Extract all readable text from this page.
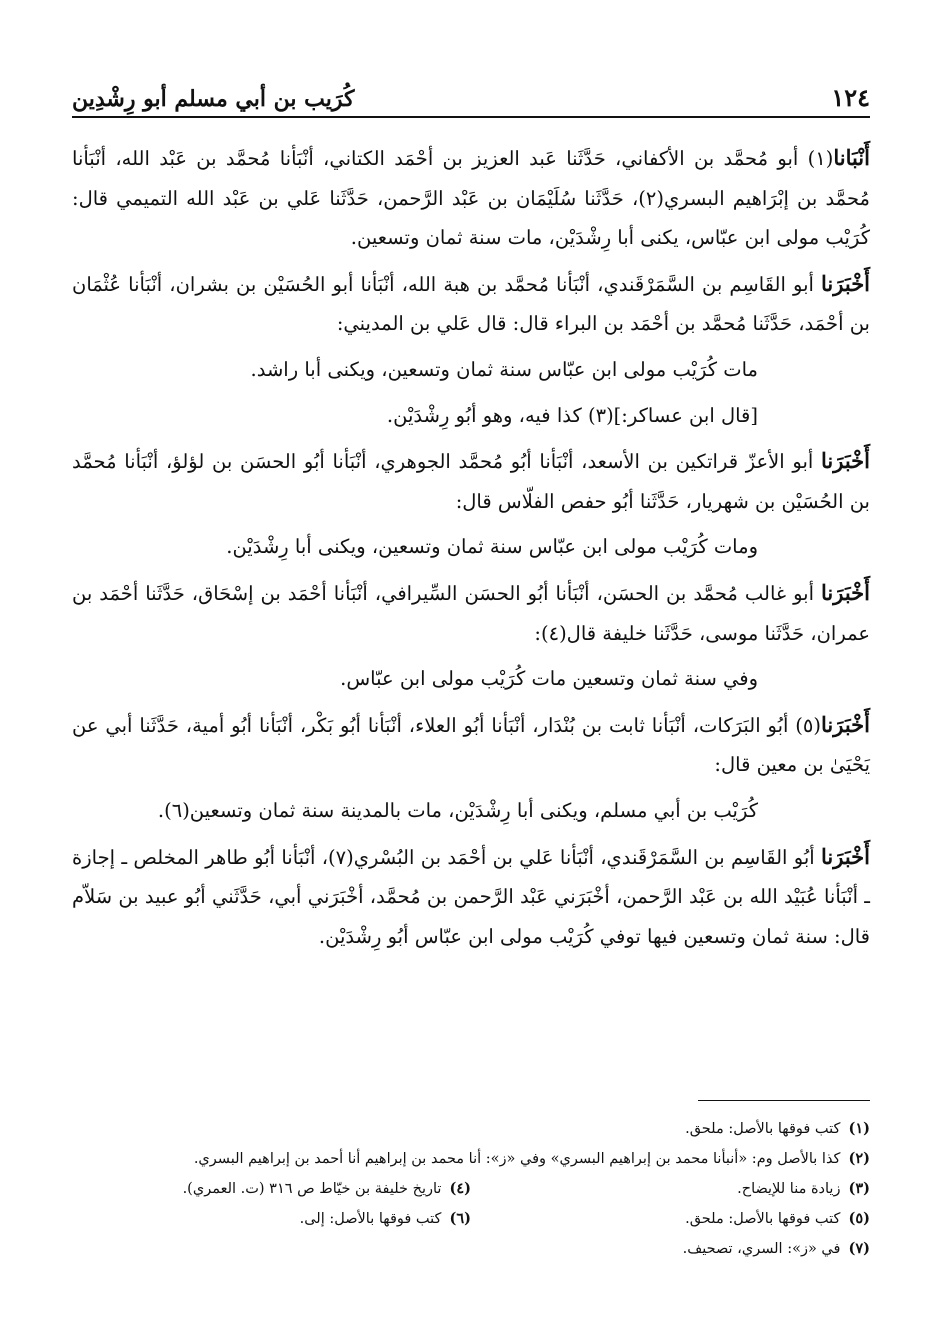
١٢٤
كُرَيب بن أبي مسلم أبو رِشْدِين

أَنْبَانا(١) أبو مُحمَّد بن الأكفاني، حَدَّثَنا عَبد العزيز بن أحْمَد الكتاني، أنْبَأنا مُحمَّد بن عَبْد الله، أنْبَأنا مُحمَّد بن إبْرَاهيم البسري(٢)، حَدَّثَنا سُلَيْمَان بن عَبْد الرَّحمن، حَدَّثَنا عَلي بن عَبْد الله التميمي قال: كُرَيْب مولى ابن عبّاس، يكنى أبا رِشْدَيْن، مات سنة ثمان وتسعين.

أَخْبَرَنا أبو القَاسِم بن السَّمَرْقَندي، أنْبَأنا مُحمَّد بن هبة الله، أنْبَأنا أبو الحُسَيْن بن بشران، أنْبَأنا عُثْمَان بن أحْمَد، حَدَّثَنا مُحمَّد بن أحْمَد بن البراء قال: قال عَلي بن المديني:

مات كُرَيْب مولى ابن عبّاس سنة ثمان وتسعين، ويكنى أبا راشد.

[قال ابن عساكر:](٣) كذا فيه، وهو أبُو رِشْدَيْن.

أَخْبَرَنا أبو الأعزّ قراتكين بن الأسعد، أنْبَأنا أبُو مُحمَّد الجوهري، أنْبَأنا أبُو الحسَن بن لؤلؤ، أنْبَأنا مُحمَّد بن الحُسَيْن بن شهريار، حَدَّثَنا أبُو حفص الفلّاس قال:

ومات كُرَيْب مولى ابن عبّاس سنة ثمان وتسعين، ويكنى أبا رِشْدَيْن.

أَخْبَرَنا أبو غالب مُحمَّد بن الحسَن، أنْبَأنا أبُو الحسَن السِّيرافي، أنْبَأنا أحْمَد بن إسْحَاق، حَدَّثَنا أحْمَد بن عمران، حَدَّثَنا موسى، حَدَّثَنا خليفة قال(٤):

وفي سنة ثمان وتسعين مات كُرَيْب مولى ابن عبّاس.

أَخْبَرَنا(٥) أبُو البَرَكات، أنْبَأنا ثابت بن بُنْدَار، أنْبَأنا أبُو العلاء، أنْبَأنا أبُو بَكْر، أنْبَأنا أبُو أمية، حَدَّثَنا أبي عن يَحْيَىٰ بن معين قال:

كُرَيْب بن أبي مسلم، ويكنى أبا رِشْدَيْن، مات بالمدينة سنة ثمان وتسعين(٦).

أَخْبَرَنا أبُو القَاسِم بن السَّمَرْقَندي، أنْبَأنا عَلي بن أحْمَد بن البُسْري(٧)، أنْبَأنا أبُو طاهر المخلص ـ إجازة ـ أنْبَأنا عُبَيْد الله بن عَبْد الرَّحمن، أخْبَرَني عَبْد الرَّحمن بن مُحمَّد، أخْبَرَني أبي، حَدَّثَني أبُو عبيد بن سَلاّم قال: سنة ثمان وتسعين فيها توفي كُرَيْب مولى ابن عبّاس أبُو رِشْدَيْن.

(١)كتب فوقها بالأصل: ملحق.
(٢)كذا بالأصل وم: «أنبأنا محمد بن إبراهيم البسري» وفي «ز»: أنا محمد بن إبراهيم أنا أحمد بن إبراهيم البسري.
(٣)زيادة منا للإيضاح.
(٤)تاريخ خليفة بن خيّاط ص ٣١٦ (ت. العمري).
(٥)كتب فوقها بالأصل: ملحق.
(٦)كتب فوقها بالأصل: إلى.
(٧)في «ز»: السري، تصحيف.
